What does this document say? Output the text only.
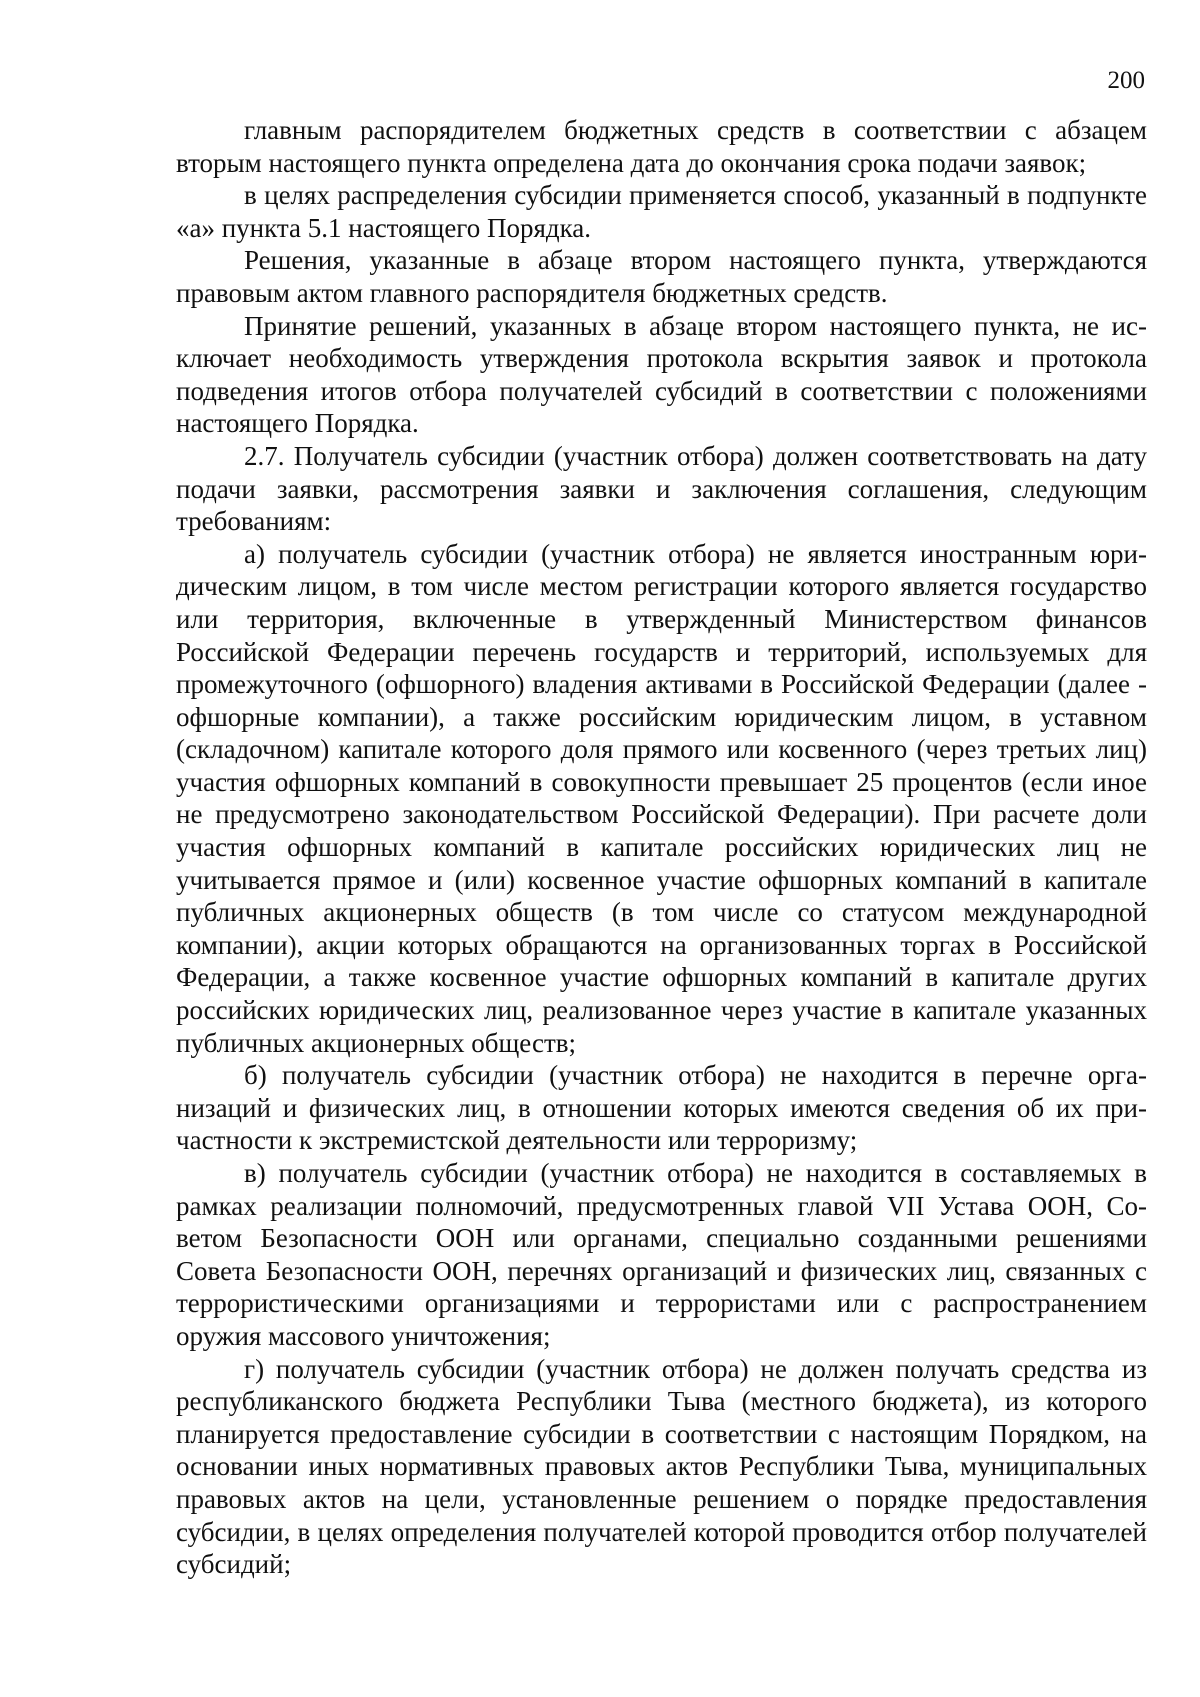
200

главным распорядителем бюджетных средств в соответствии с абзацем вторым настоящего пункта определена дата до окончания срока подачи заявок;

в целях распределения субсидии применяется способ, указанный в подпункте «а» пункта 5.1 настоящего Порядка.

Решения, указанные в абзаце втором настоящего пункта, утверждаются правовым актом главного распорядителя бюджетных средств.

Принятие решений, указанных в абзаце втором настоящего пункта, не исключает необходимость утверждения протокола вскрытия заявок и протокола подведения итогов отбора получателей субсидий в соответствии с положениями настоящего Порядка.

2.7. Получатель субсидии (участник отбора) должен соответствовать на дату подачи заявки, рассмотрения заявки и заключения соглашения, следующим требованиям:

а) получатель субсидии (участник отбора) не является иностранным юридическим лицом, в том числе местом регистрации которого является государство или территория, включенные в утвержденный Министерством финансов Российской Федерации перечень государств и территорий, используемых для промежуточного (офшорного) владения активами в Российской Федерации (далее - офшорные компании), а также российским юридическим лицом, в уставном (складочном) капитале которого доля прямого или косвенного (через третьих лиц) участия офшорных компаний в совокупности превышает 25 процентов (если иное не предусмотрено законодательством Российской Федерации). При расчете доли участия офшорных компаний в капитале российских юридических лиц не учитывается прямое и (или) косвенное участие офшорных компаний в капитале публичных акционерных обществ (в том числе со статусом международной компании), акции которых обращаются на организованных торгах в Российской Федерации, а также косвенное участие офшорных компаний в капитале других российских юридических лиц, реализованное через участие в капитале указанных публичных акционерных обществ;

б) получатель субсидии (участник отбора) не находится в перечне организаций и физических лиц, в отношении которых имеются сведения об их причастности к экстремистской деятельности или терроризму;

в) получатель субсидии (участник отбора) не находится в составляемых в рамках реализации полномочий, предусмотренных главой VII Устава ООН, Советом Безопасности ООН или органами, специально созданными решениями Совета Безопасности ООН, перечнях организаций и физических лиц, связанных с террористическими организациями и террористами или с распространением оружия массового уничтожения;

г) получатель субсидии (участник отбора) не должен получать средства из республиканского бюджета Республики Тыва (местного бюджета), из которого планируется предоставление субсидии в соответствии с настоящим Порядком, на основании иных нормативных правовых актов Республики Тыва, муниципальных правовых актов на цели, установленные решением о порядке предоставления субсидии, в целях определения получателей которой проводится отбор получателей субсидий;
